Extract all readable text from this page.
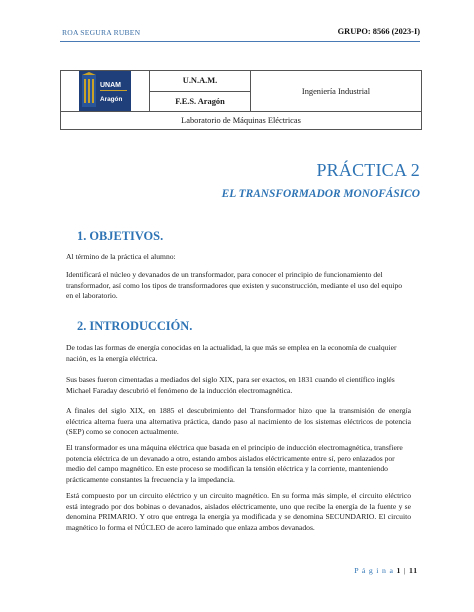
ROA SEGURA RUBEN	GRUPO: 8566 (2023-I)
UNAM
Aragón
	U.N.A.M.	Ingeniería Industrial
F.E.S. Aragón
Laboratorio de Máquinas Eléctricas
PRÁCTICA 2
EL TRANSFORMADOR MONOFÁSICO
1. OBJETIVOS.
Al término de la práctica el alumno:
Identificará el núcleo y devanados de un transformador, para conocer el principio de funcionamiento del transformador, así como los tipos de transformadores que existen y suconstrucción, mediante el uso del equipo en el laboratorio.
2. INTRODUCCIÓN.
De todas las formas de energía conocidas en la actualidad, la que más se emplea en la economía de cualquier nación, es la energía eléctrica.
Sus bases fueron cimentadas a mediados del siglo XIX, para ser exactos, en 1831 cuando el científico inglés Michael Faraday descubrió el fenómeno de la inducción electromagnética.
A finales del siglo XIX, en 1885 el descubrimiento del Transformador hizo que la transmisión de energía eléctrica alterna fuera una alternativa práctica, dando paso al nacimiento de los sistemas eléctricos de potencia (SEP) como se conocen actualmente.
El transformador es una máquina eléctrica que basada en el principio de inducción electromagnética, transfiere potencia eléctrica de un devanado a otro, estando ambos aislados eléctricamente entre sí, pero enlazados por medio del campo magnético. En este proceso se modifican la tensión eléctrica y la corriente, manteniendo prácticamente constantes la frecuencia y la impedancia.
Está compuesto por un circuito eléctrico y un circuito magnético. En su forma más simple, el circuito eléctrico está integrado por dos bobinas o devanados, aislados eléctricamente, uno que recibe la energía de la fuente y se denomina PRIMARIO. Y otro que entrega la energía ya modificada y se denomina SECUNDARIO. El circuito magnético lo forma el NÚCLEO de acero laminado que enlaza ambos devanados.
P á g i n a 1 | 11
